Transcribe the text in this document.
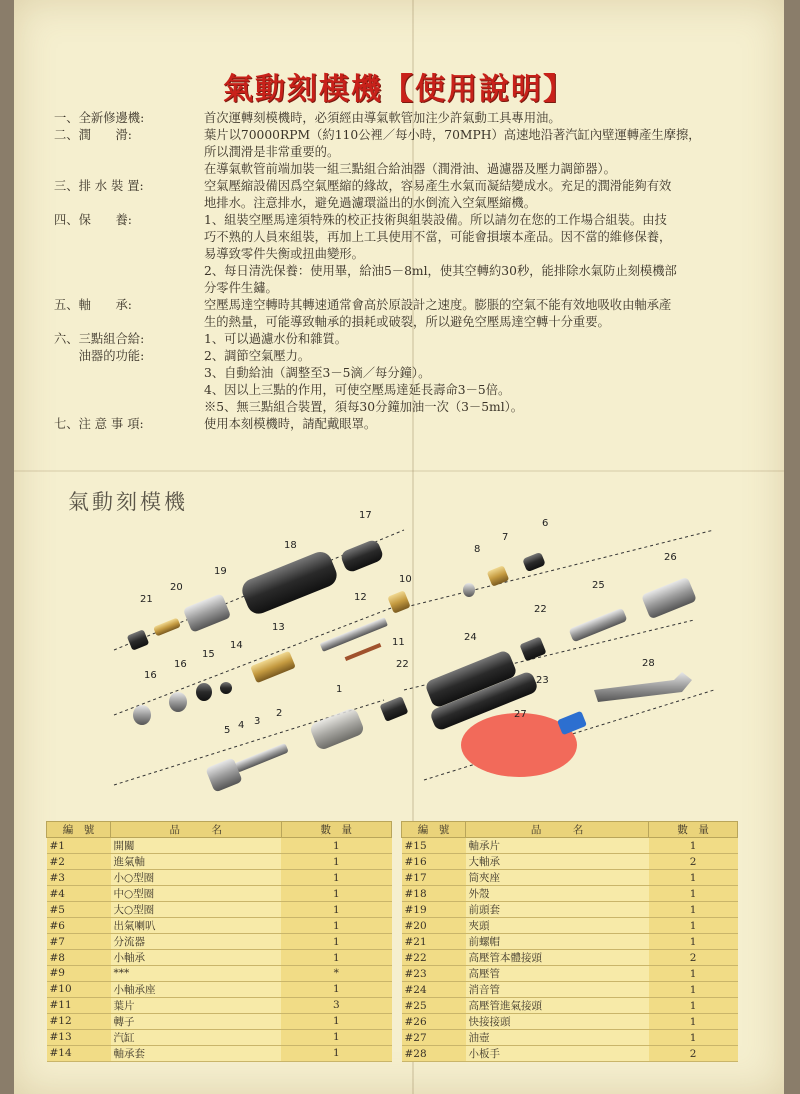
氣動刻模機【使用說明】
一、全新修邊機:	首次運轉刻模機時，必須經由導氣軟管加注少許氣動工具專用油。
二、潤　　滑:	葉片以70000RPM（約110公裡／每小時，70MPH）高速地沿著汽缸內壁運轉產生摩擦，
所以潤滑是非常重要的。
在導氣軟管前端加裝一組三點組合給油器（潤滑油、過濾器及壓力調節器）。
三、排 水 裝 置:	空氣壓縮設備因爲空氣壓縮的緣故，容易產生水氣而凝結變成水。充足的潤滑能夠有效
地排水。注意排水，避免過濾環溢出的水倒流入空氣壓縮機。
四、保　　養:	1、組裝空壓馬達須特殊的校正技術與組裝設備。所以請勿在您的工作場合組裝。由技
巧不熟的人員來組裝，再加上工具使用不當，可能會損壞本產品。因不當的維修保養，
易導致零件失衡或扭曲變形。
2、每日清洗保養：使用畢，給油5－8ml，使其空轉約30秒，能排除水氣防止刻模機部
分零件生鏽。
五、軸　　承:	空壓馬達空轉時其轉速通常會高於原設計之速度。膨脹的空氣不能有效地吸收由軸承產
生的熱量，可能導致軸承的損耗或破裂，所以避免空壓馬達空轉十分重要。
六、三點組合給:	1、可以過濾水份和雜質。
　　油器的功能:	2、調節空氣壓力。
3、自動給油（調整至3－5滴／每分鐘）。
4、因以上三點的作用，可使空壓馬達延長壽命3－5倍。
※5、無三點組合裝置，須每30分鐘加油一次（3－5ml）。
七、注 意 事 項:	使用本刻模機時，請配戴眼罩。
氣動刻模機
18
17
19
20
21
10
12
11
13
14
15
16
16
8
7
6
26
25
22
24
23
22
1
2
3
4
5
27
28
編　號	品　　　名	數　量
#1	開關	1
#2	進氣軸	1
#3	小○型圈	1
#4	中○型圈	1
#5	大○型圈	1
#6	出氣喇叭	1
#7	分流器	1
#8	小軸承	1
#9	***	*
#10	小軸承座	1
#11	葉片	3
#12	轉子	1
#13	汽缸	1
#14	軸承套	1
編　號	品　　　名	數　量
#15	軸承片	1
#16	大軸承	2
#17	筒夾座	1
#18	外殼	1
#19	前頭套	1
#20	夾頭	1
#21	前螺帽	1
#22	高壓管本體接頭	2
#23	高壓管	1
#24	消音管	1
#25	高壓管進氣接頭	1
#26	快接接頭	1
#27	油壺	1
#28	小板手	2
